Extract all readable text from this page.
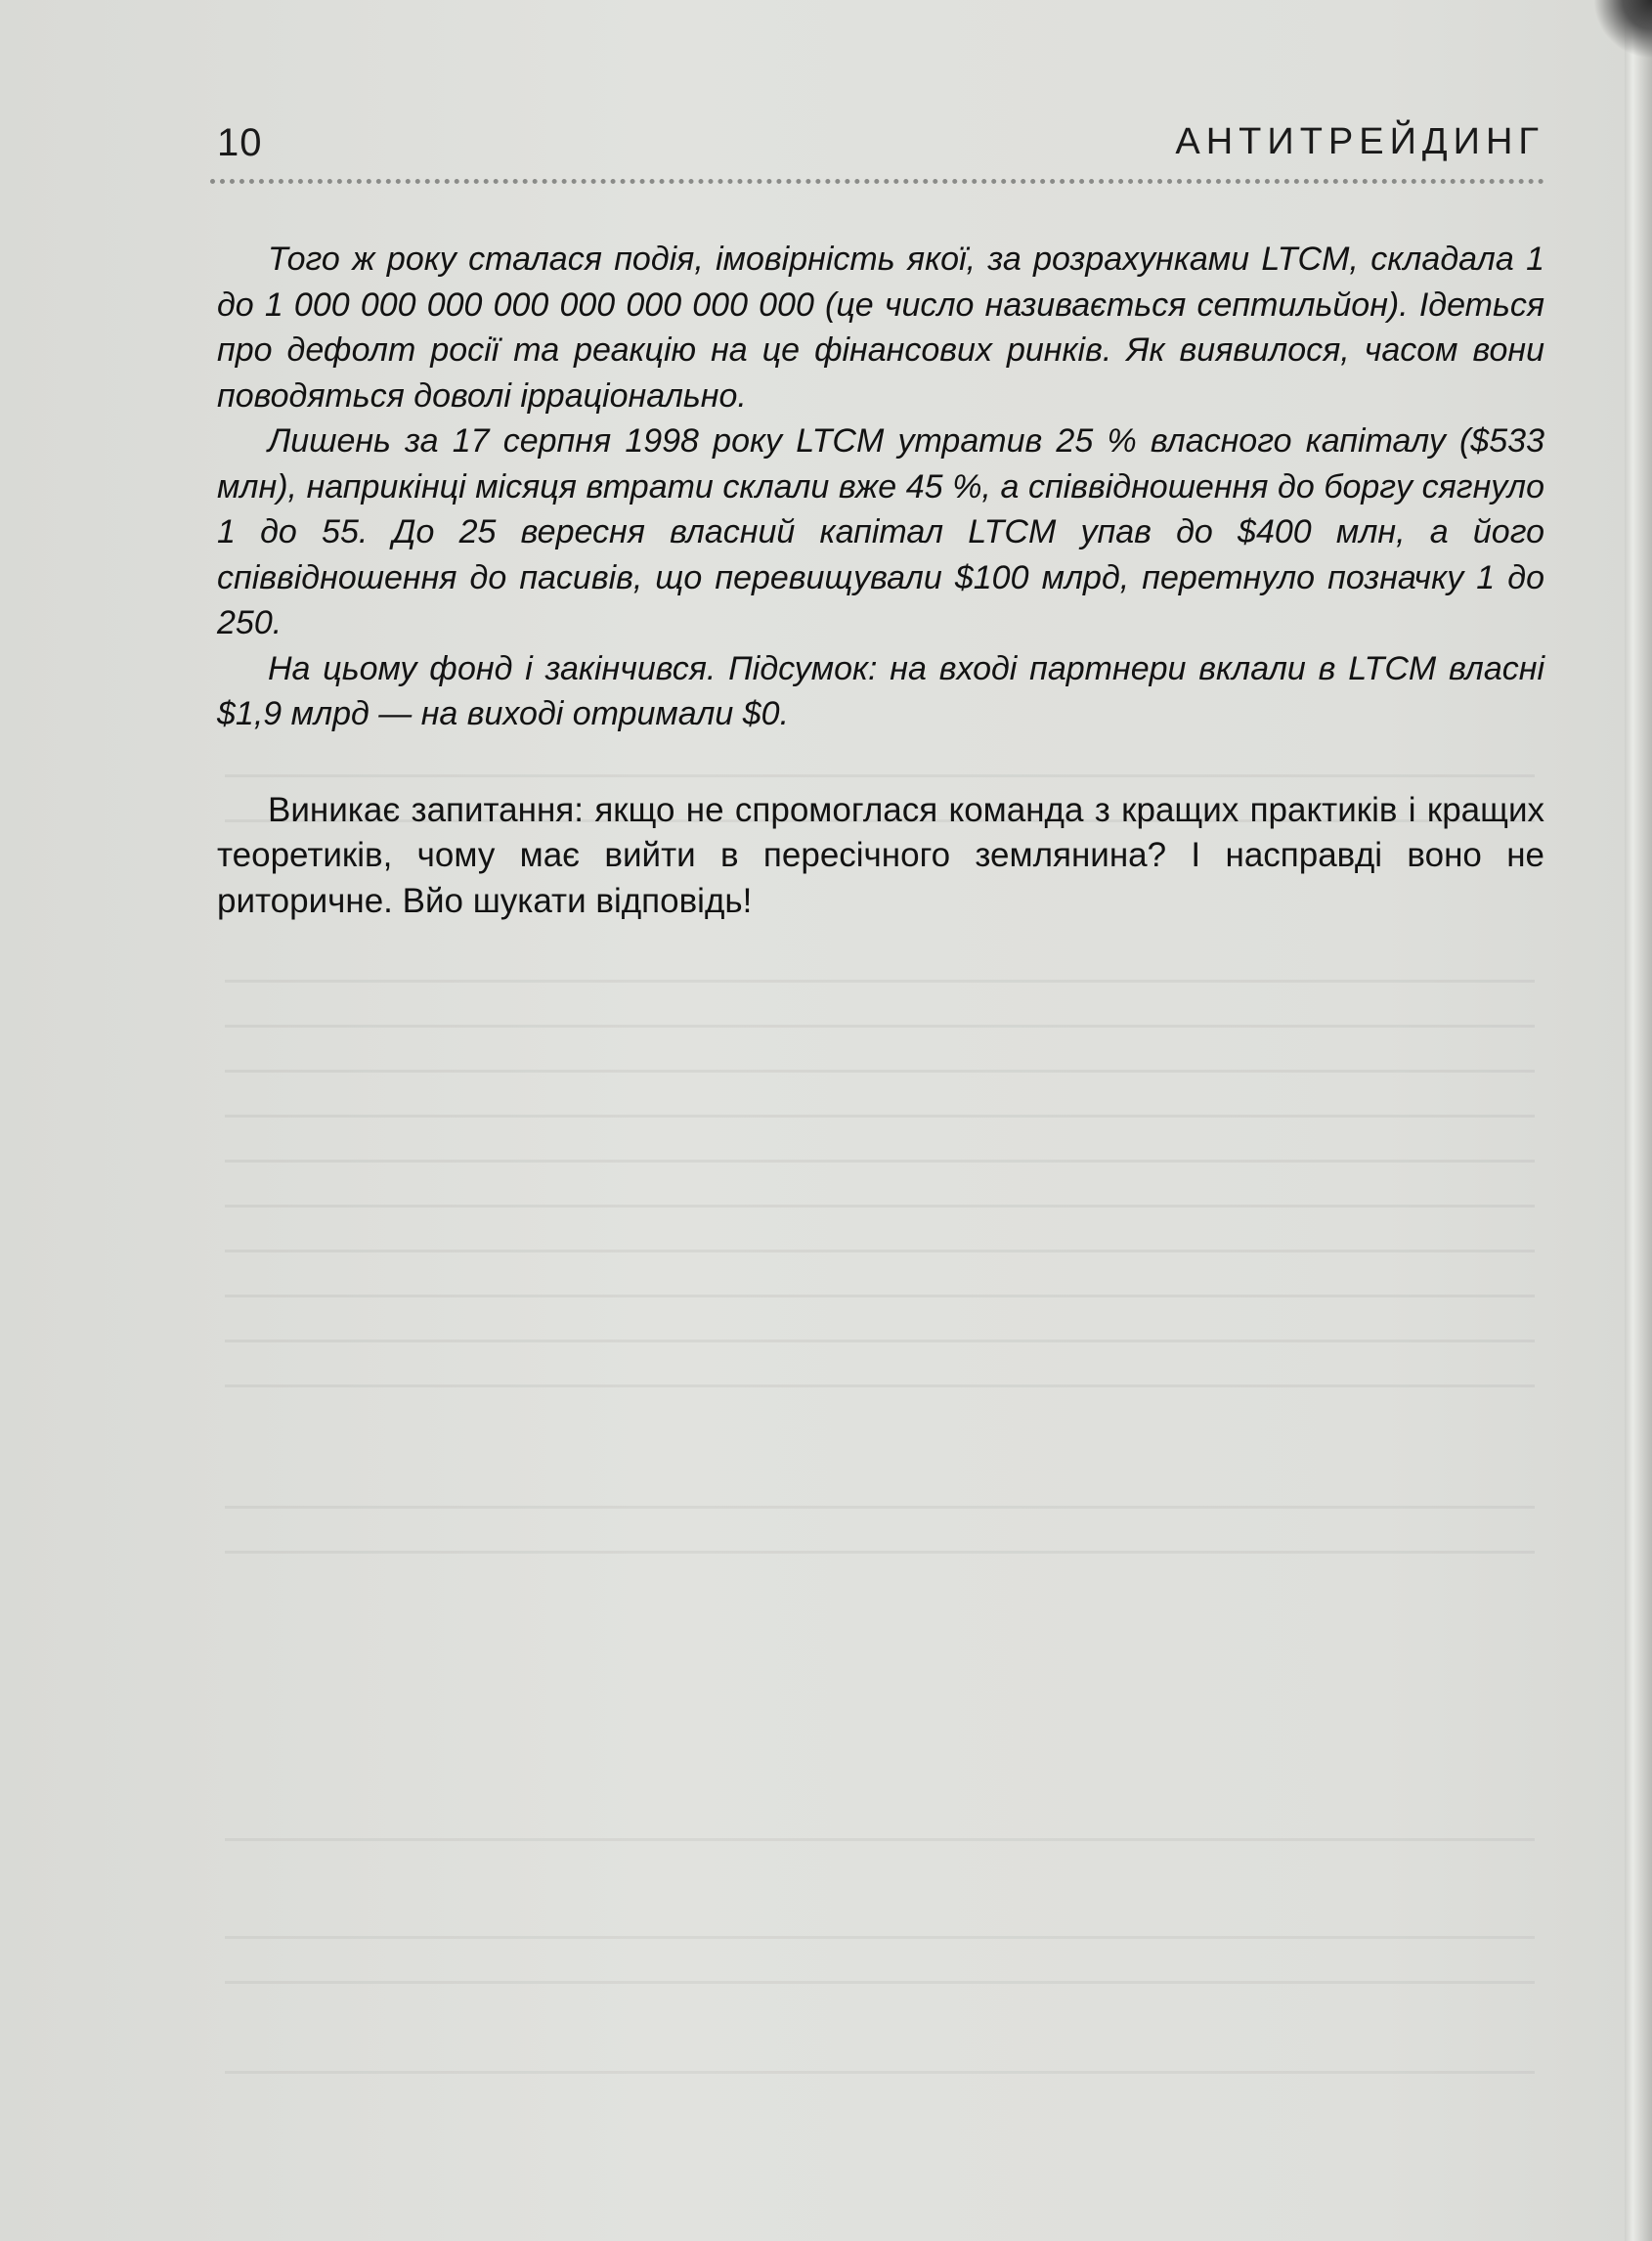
10	АНТИТРЕЙДИНГ

Того ж року сталася подія, імовірність якої, за розрахунками LTCM, складала 1 до 1 000 000 000 000 000 000 000 000 (це число називається септильйон). Ідеться про дефолт росії та реакцію на це фінансових ринків. Як виявилося, часом вони поводяться доволі ірраціонально.

Лишень за 17 серпня 1998 року LTCM утратив 25 % власного капіталу ($533 млн), наприкінці місяця втрати склали вже 45 %, а співвідношення до боргу сягнуло 1 до 55. До 25 вересня власний капітал LTCM упав до $400 млн, а його співвідношення до пасивів, що перевищували $100 млрд, перетнуло позначку 1 до 250.

На цьому фонд і закінчився. Підсумок: на вході партнери вклали в LTCM власні $1,9 млрд — на виході отримали $0.

Виникає запитання: якщо не спромоглася команда з кращих практиків і кращих теоретиків, чому має вийти в пересічного землянина? І насправді воно не риторичне. Вйо шукати відповідь!
